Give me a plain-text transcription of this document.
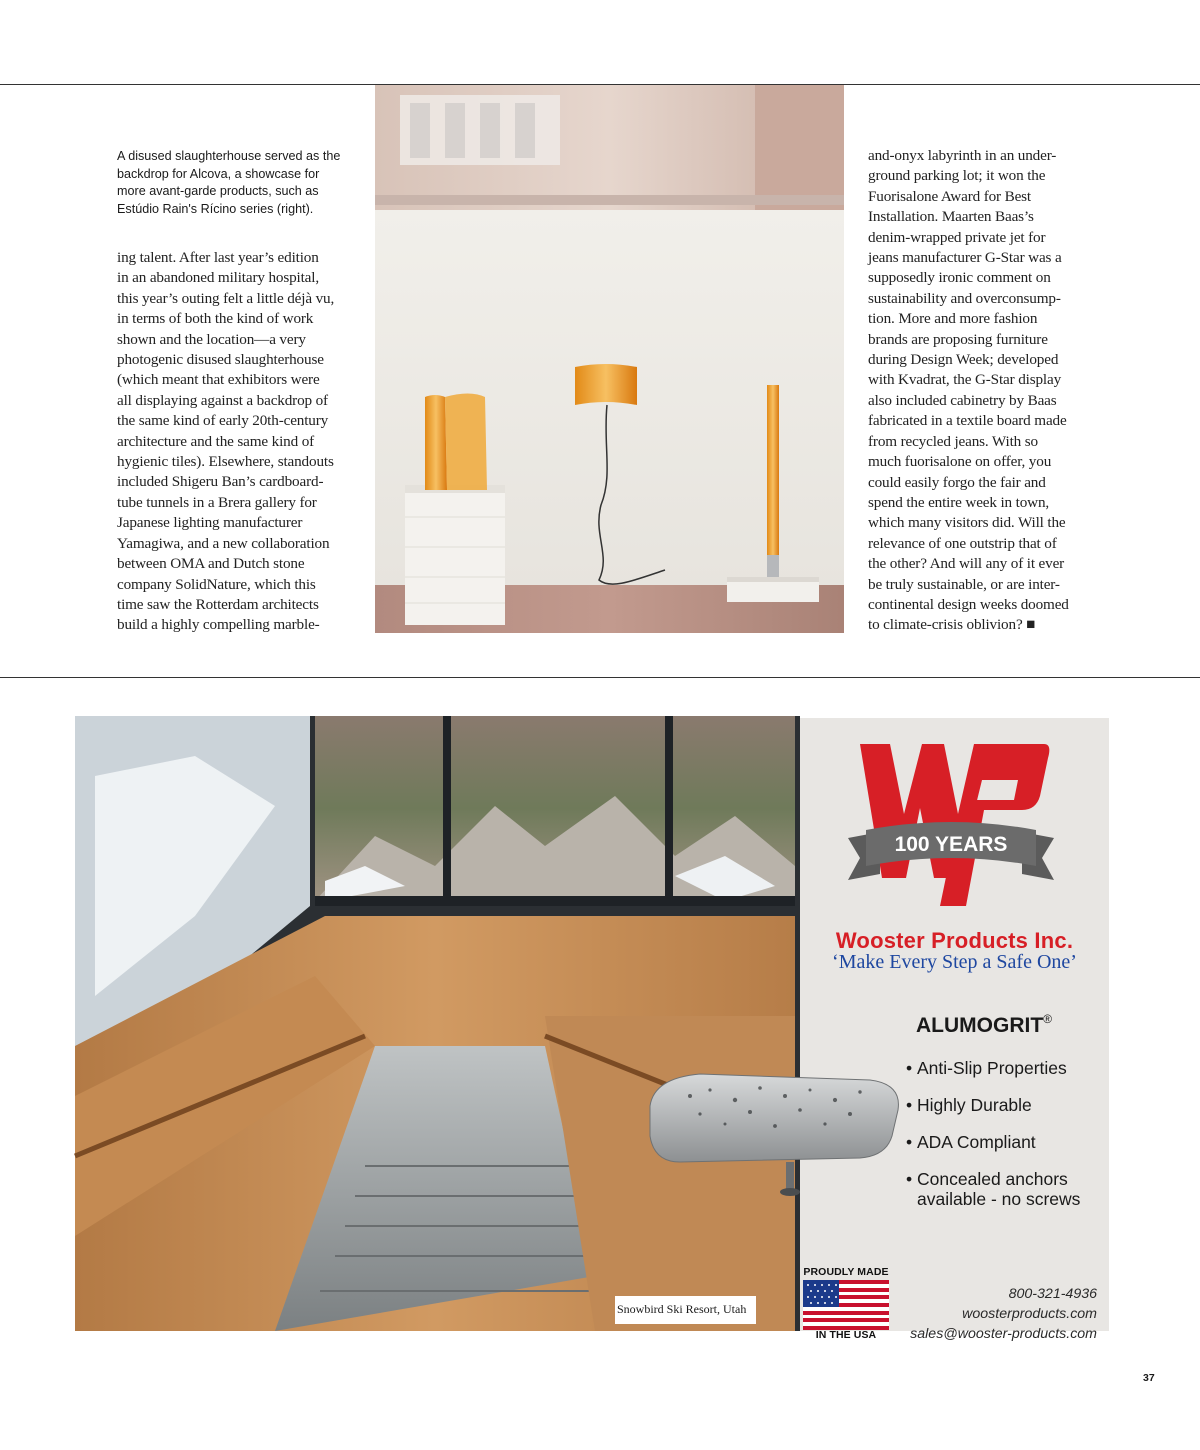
A disused slaughterhouse served as the backdrop for Alcova, a showcase for more avant-garde products, such as Estúdio Rain's Rícino series (right).

ing talent. After last year’s edition
in an abandoned military hospital,
this year’s outing felt a little déjà vu,
in terms of both the kind of work
shown and the location—a very
photogenic disused slaughterhouse
(which meant that exhibitors were
all displaying against a backdrop of
the same kind of early 20th-century
architecture and the same kind of
hygienic tiles). Elsewhere, standouts
included Shigeru Ban’s cardboard-
tube tunnels in a Brera gallery for
Japanese lighting manufacturer
Yamagiwa, and a new collaboration
between OMA and Dutch stone
company SolidNature, which this
time saw the Rotterdam architects
build a highly compelling marble-
and-onyx labyrinth in an under-
ground parking lot; it won the
Fuorisalone Award for Best
Installation. Maarten Baas’s
denim-wrapped private jet for
jeans manufacturer G-Star was a
supposedly ironic comment on
sustainability and overconsump-
tion. More and more fashion
brands are proposing furniture
during Design Week; developed
with Kvadrat, the G-Star display
also included cabinetry by Baas
fabricated in a textile board made
from recycled jeans. With so
much fuorisalone on offer, you
could easily forgo the fair and
spend the entire week in town,
which many visitors did. Will the
relevance of one outstrip that of
the other? And will any of it ever
be truly sustainable, or are inter-
continental design weeks doomed
to climate-crisis oblivion? ■

Snowbird Ski Resort, Utah

100 YEARS

Wooster Products Inc.

‘Make Every Step a Safe One’

ALUMOGRIT®

• Anti-Slip Properties
• Highly Durable
• ADA Compliant
• Concealed anchors available - no screws

PROUDLY MADE

IN THE USA

800-321-4936
woosterproducts.com
sales@wooster-products.com

37
